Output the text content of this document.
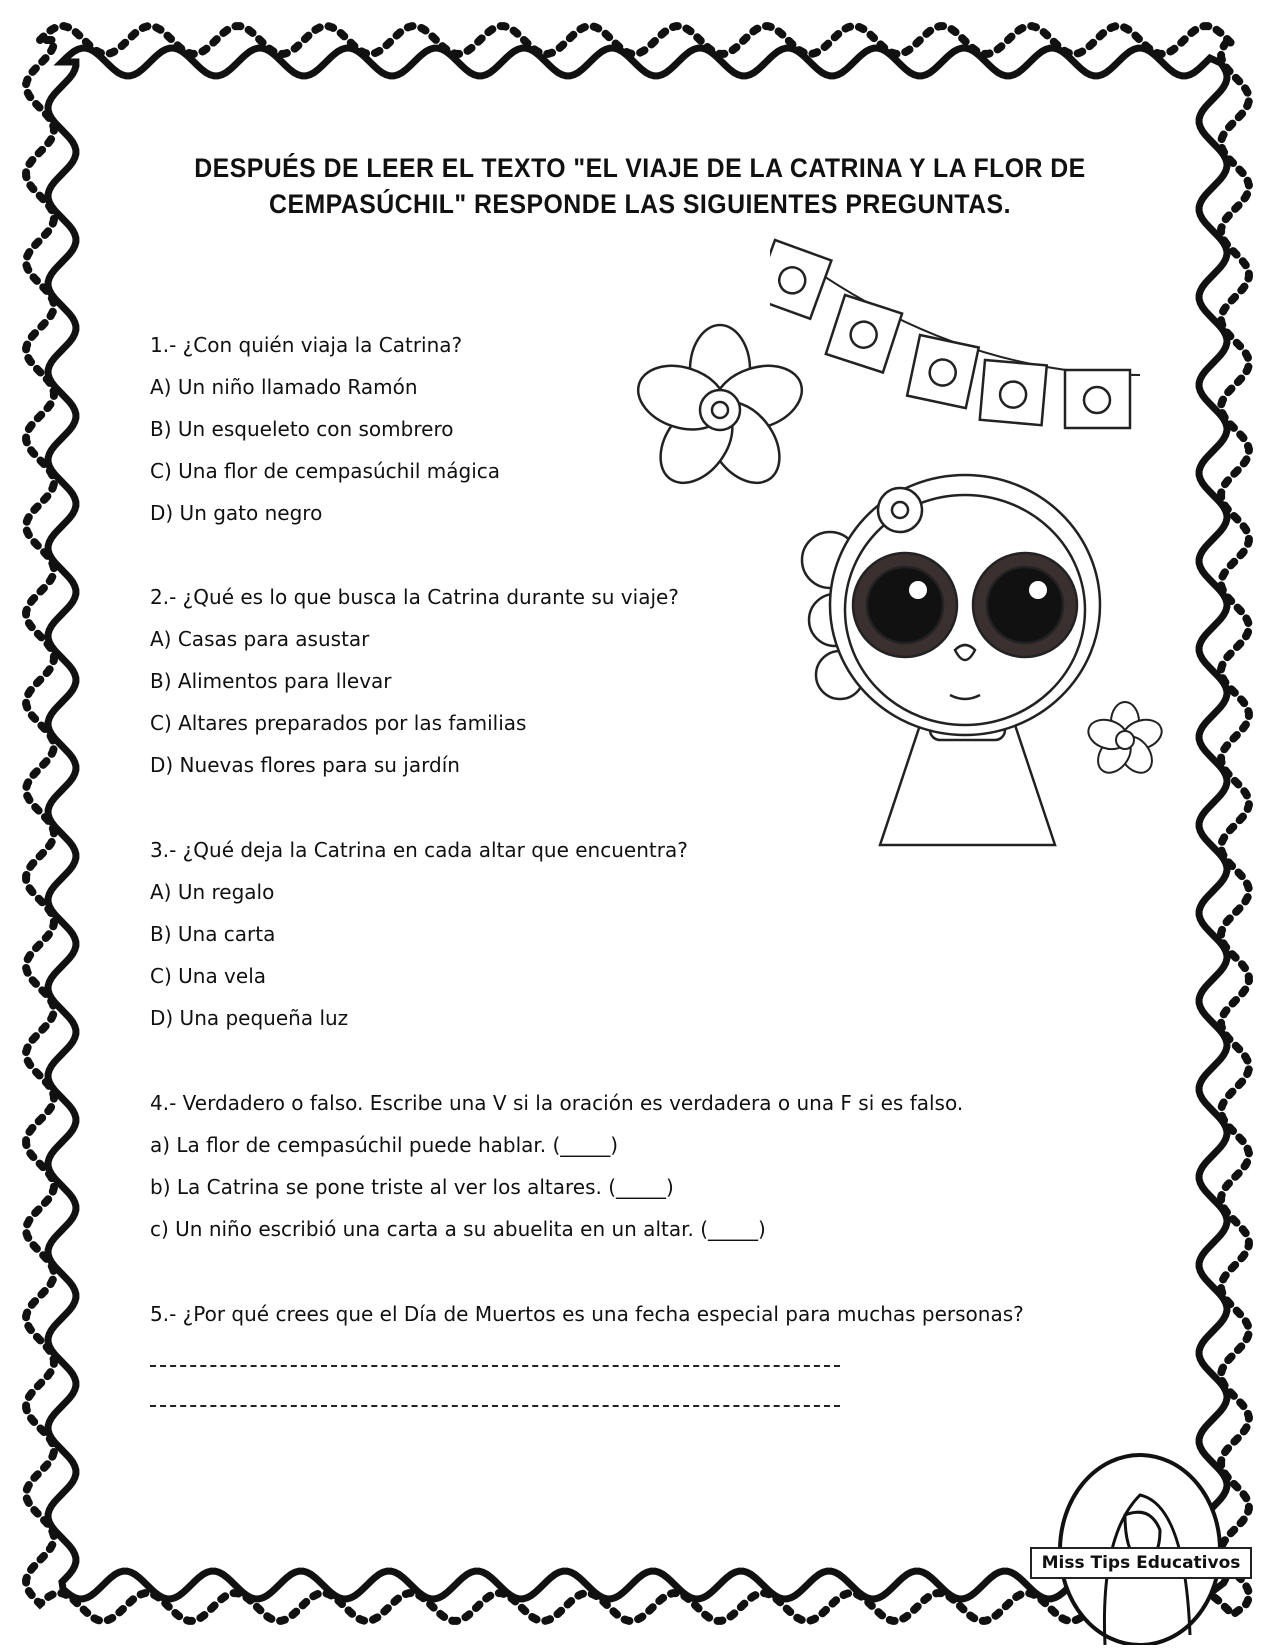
DESPUÉS DE LEER EL TEXTO "EL VIAJE DE LA CATRINA Y LA FLOR DE
CEMPASÚCHIL" RESPONDE LAS SIGUIENTES PREGUNTAS.
1.- ¿Con quién viaja la Catrina?
A) Un niño llamado Ramón
B) Un esqueleto con sombrero
C) Una flor de cempasúchil mágica
D) Un gato negro
2.- ¿Qué es lo que busca la Catrina durante su viaje?
A) Casas para asustar
B) Alimentos para llevar
C) Altares preparados por las familias
D) Nuevas flores para su jardín
3.- ¿Qué deja la Catrina en cada altar que encuentra?
A) Un regalo
B) Una carta
C) Una vela
D) Una pequeña luz
4.- Verdadero o falso. Escribe una V si la oración es verdadera o una F si es falso.
a) La flor de cempasúchil puede hablar. (_____)
b) La Catrina se pone triste al ver los altares. (_____)
c) Un niño escribió una carta a su abuelita en un altar. (_____)
5.- ¿Por qué crees que el Día de Muertos es una fecha especial para muchas personas?
Miss Tips Educativos
